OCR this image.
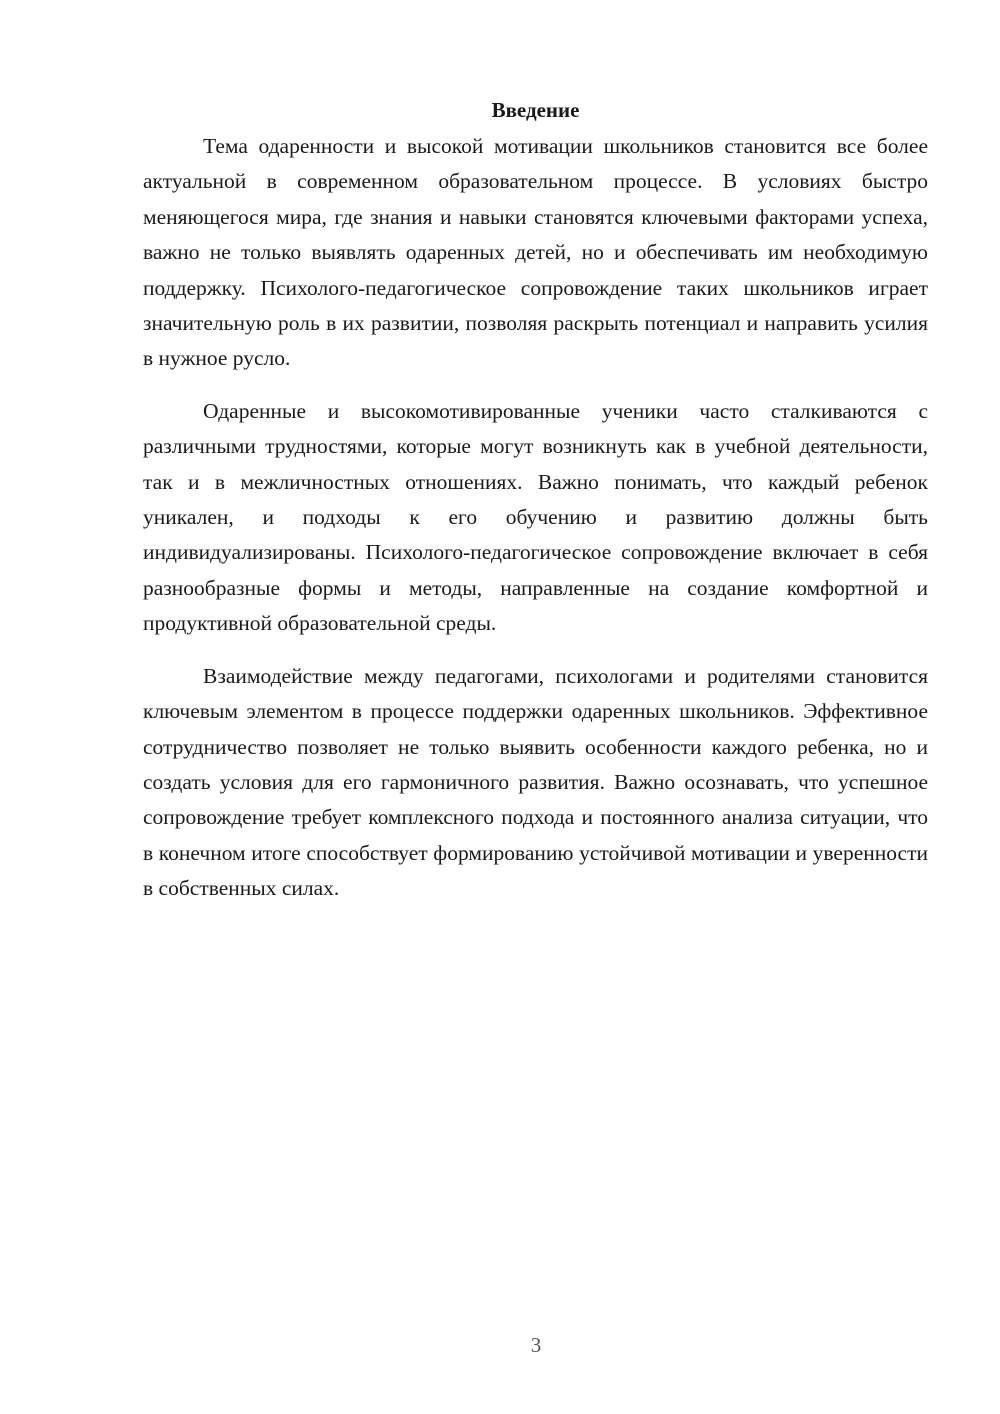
Введение

Тема одаренности и высокой мотивации школьников становится все более актуальной в современном образовательном процессе. В условиях быстро меняющегося мира, где знания и навыки становятся ключевыми факторами успеха, важно не только выявлять одаренных детей, но и обеспечивать им необходимую поддержку. Психолого-педагогическое сопровождение таких школьников играет значительную роль в их развитии, позволяя раскрыть потенциал и направить усилия в нужное русло.

Одаренные и высокомотивированные ученики часто сталкиваются с различными трудностями, которые могут возникнуть как в учебной деятельности, так и в межличностных отношениях. Важно понимать, что каждый ребенок уникален, и подходы к его обучению и развитию должны быть индивидуализированы. Психолого-педагогическое сопровождение включает в себя разнообразные формы и методы, направленные на создание комфортной и продуктивной образовательной среды.

Взаимодействие между педагогами, психологами и родителями становится ключевым элементом в процессе поддержки одаренных школьников. Эффективное сотрудничество позволяет не только выявить особенности каждого ребенка, но и создать условия для его гармоничного развития. Важно осознавать, что успешное сопровождение требует комплексного подхода и постоянного анализа ситуации, что в конечном итоге способствует формированию устойчивой мотивации и уверенности в собственных силах.

3
